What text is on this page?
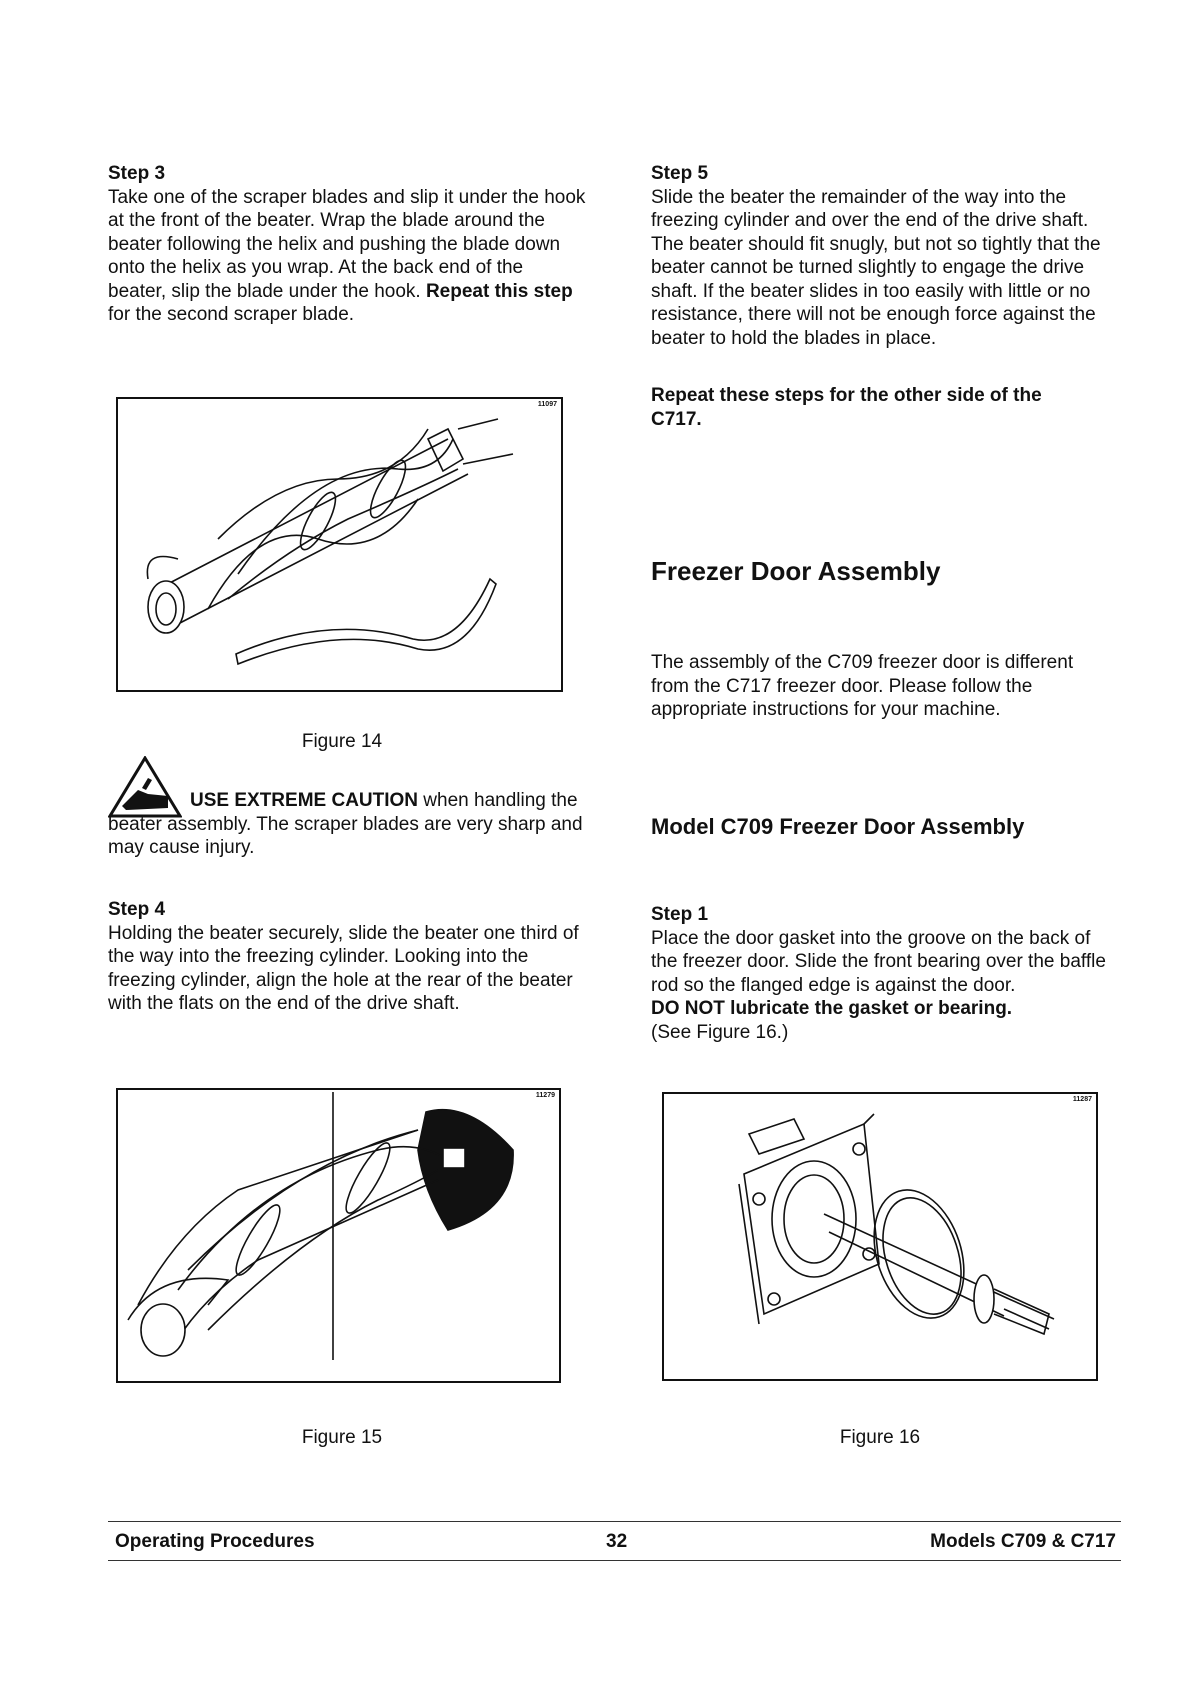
Step 3

Take one of the scraper blades and slip it under the hook at the front of the beater. Wrap the blade around the beater following the helix and pushing the blade down onto the helix as you wrap. At the back end of the beater, slip the blade under the hook. Repeat this step for the second scraper blade.

11097
Figure 14
USE EXTREME CAUTION when handling the beater assembly. The scraper blades are very sharp and may cause injury.
Step 4

Holding the beater securely, slide the beater one third of the way into the freezing cylinder. Looking into the freezing cylinder, align the hole at the rear of the beater with the flats on the end of the drive shaft.

11279
Figure 15
Step 5

Slide the beater the remainder of the way into the freezing cylinder and over the end of the drive shaft. The beater should fit snugly, but not so tightly that the beater cannot be turned slightly to engage the drive shaft. If the beater slides in too easily with little or no resistance, there will not be enough force against the beater to hold the blades in place.

Repeat these steps for the other side of the C717.
Freezer Door Assembly
The assembly of the C709 freezer door is different from the C717 freezer door. Please follow the appropriate instructions for your machine.
Model C709 Freezer Door Assembly
Step 1

Place the door gasket into the groove on the back of the freezer door. Slide the front bearing over the baffle rod so the flanged edge is against the door.

DO NOT lubricate the gasket or bearing.
(See Figure 16.)
11287
Figure 16
Operating Procedures	32	Models C709 & C717
